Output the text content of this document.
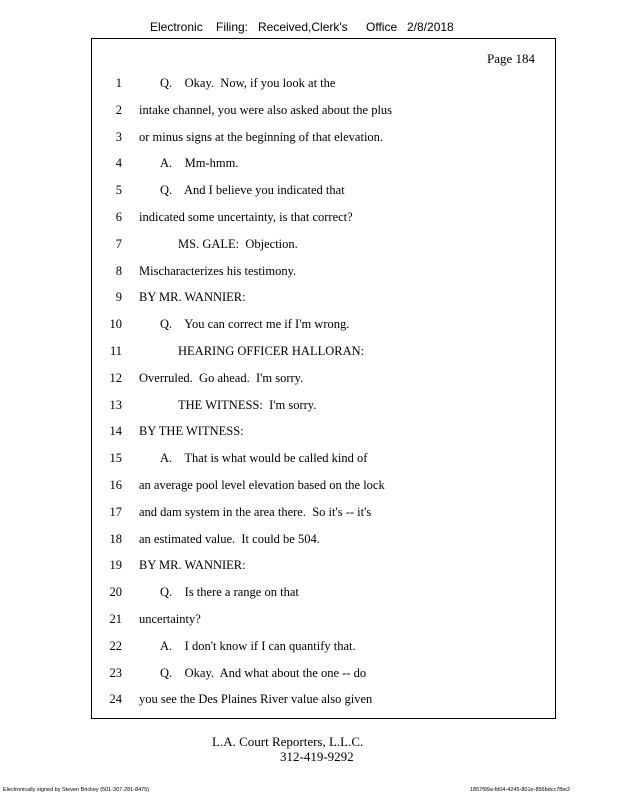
Electronic Filing: Received,Clerk's Office 2/8/2018
Page 184
1	Q.    Okay.  Now, if you look at the
2 intake channel, you were also asked about the plus
3 or minus signs at the beginning of that elevation.
4	A.    Mm-hmm.
5	Q.    And I believe you indicated that
6 indicated some uncertainty, is that correct?
7	MS. GALE:  Objection.
8 Mischaracterizes his testimony.
9 BY MR. WANNIER:
10	Q.    You can correct me if I'm wrong.
11	HEARING OFFICER HALLORAN:
12 Overruled.  Go ahead.  I'm sorry.
13	THE WITNESS:  I'm sorry.
14 BY THE WITNESS:
15	A.    That is what would be called kind of
16 an average pool level elevation based on the lock
17 and dam system in the area there.  So it's -- it's
18 an estimated value.  It could be 504.
19 BY MR. WANNIER:
20	Q.    Is there a range on that
21 uncertainty?
22	A.    I don't know if I can quantify that.
23	Q.    Okay.  And what about the one -- do
24 you see the Des Plaines River value also given
L.A. Court Reporters, L.L.C.
312-419-9292
Electronically signed by Steven Brickey (501-307-281-8475)	1857f99a-fd04-4245-801e-856bdcc7fbe2
